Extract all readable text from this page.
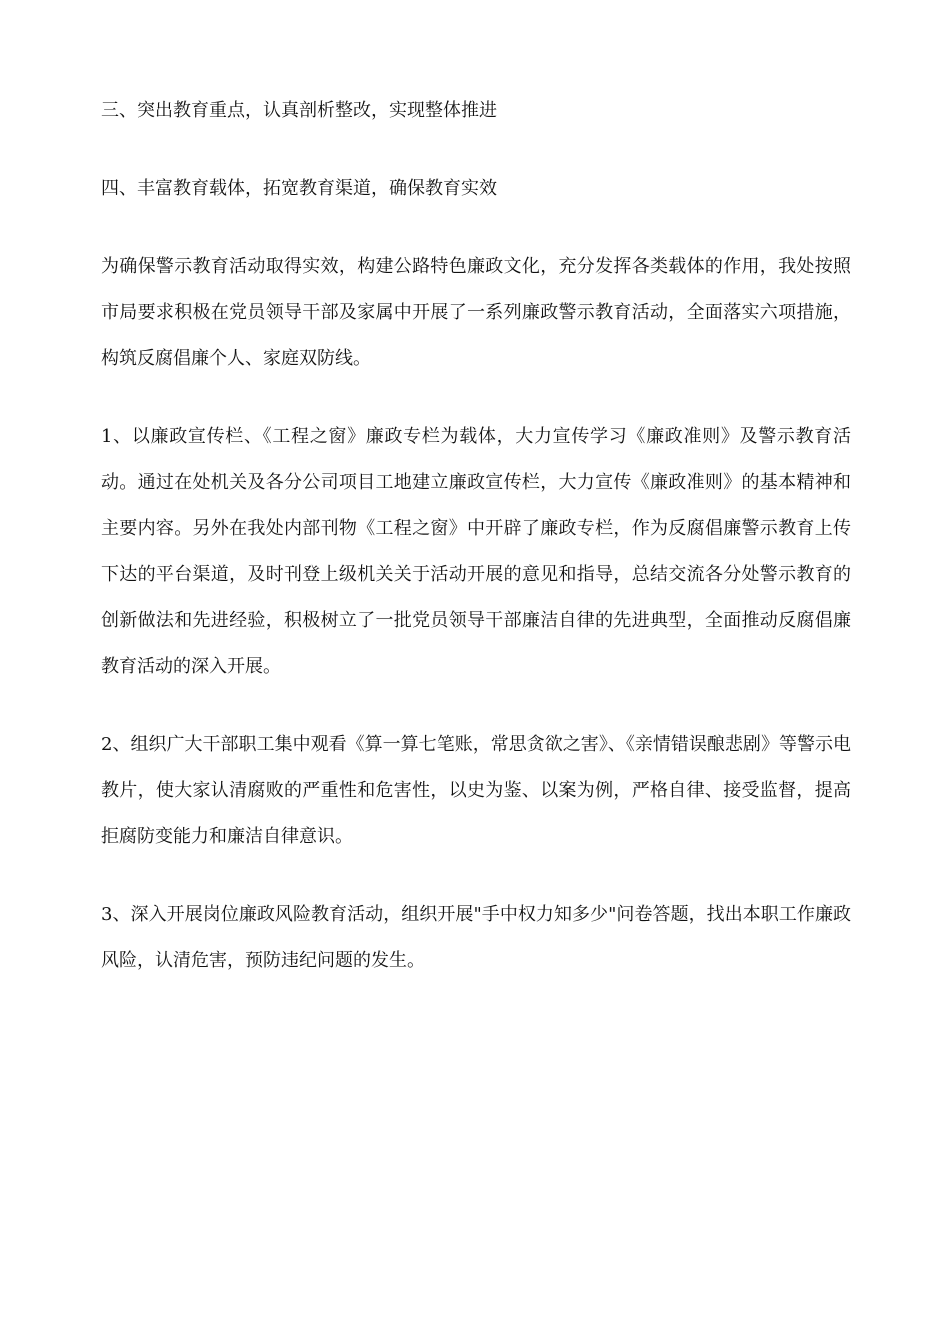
三、突出教育重点，认真剖析整改，实现整体推进
四、丰富教育载体，拓宽教育渠道，确保教育实效
为确保警示教育活动取得实效，构建公路特色廉政文化，充分发挥各类载体的作用，我处按照市局要求积极在党员领导干部及家属中开展了一系列廉政警示教育活动，全面落实六项措施，构筑反腐倡廉个人、家庭双防线。
1、以廉政宣传栏、《工程之窗》廉政专栏为载体，大力宣传学习《廉政准则》及警示教育活动。通过在处机关及各分公司项目工地建立廉政宣传栏，大力宣传《廉政准则》的基本精神和主要内容。另外在我处内部刊物《工程之窗》中开辟了廉政专栏，作为反腐倡廉警示教育上传下达的平台渠道，及时刊登上级机关关于活动开展的意见和指导，总结交流各分处警示教育的创新做法和先进经验，积极树立了一批党员领导干部廉洁自律的先进典型，全面推动反腐倡廉教育活动的深入开展。
2、组织广大干部职工集中观看《算一算七笔账，常思贪欲之害》、《亲情错误酿悲剧》等警示电教片，使大家认清腐败的严重性和危害性，以史为鉴、以案为例，严格自律、接受监督，提高拒腐防变能力和廉洁自律意识。
3、深入开展岗位廉政风险教育活动，组织开展"手中权力知多少"问卷答题，找出本职工作廉政风险，认清危害，预防违纪问题的发生。
